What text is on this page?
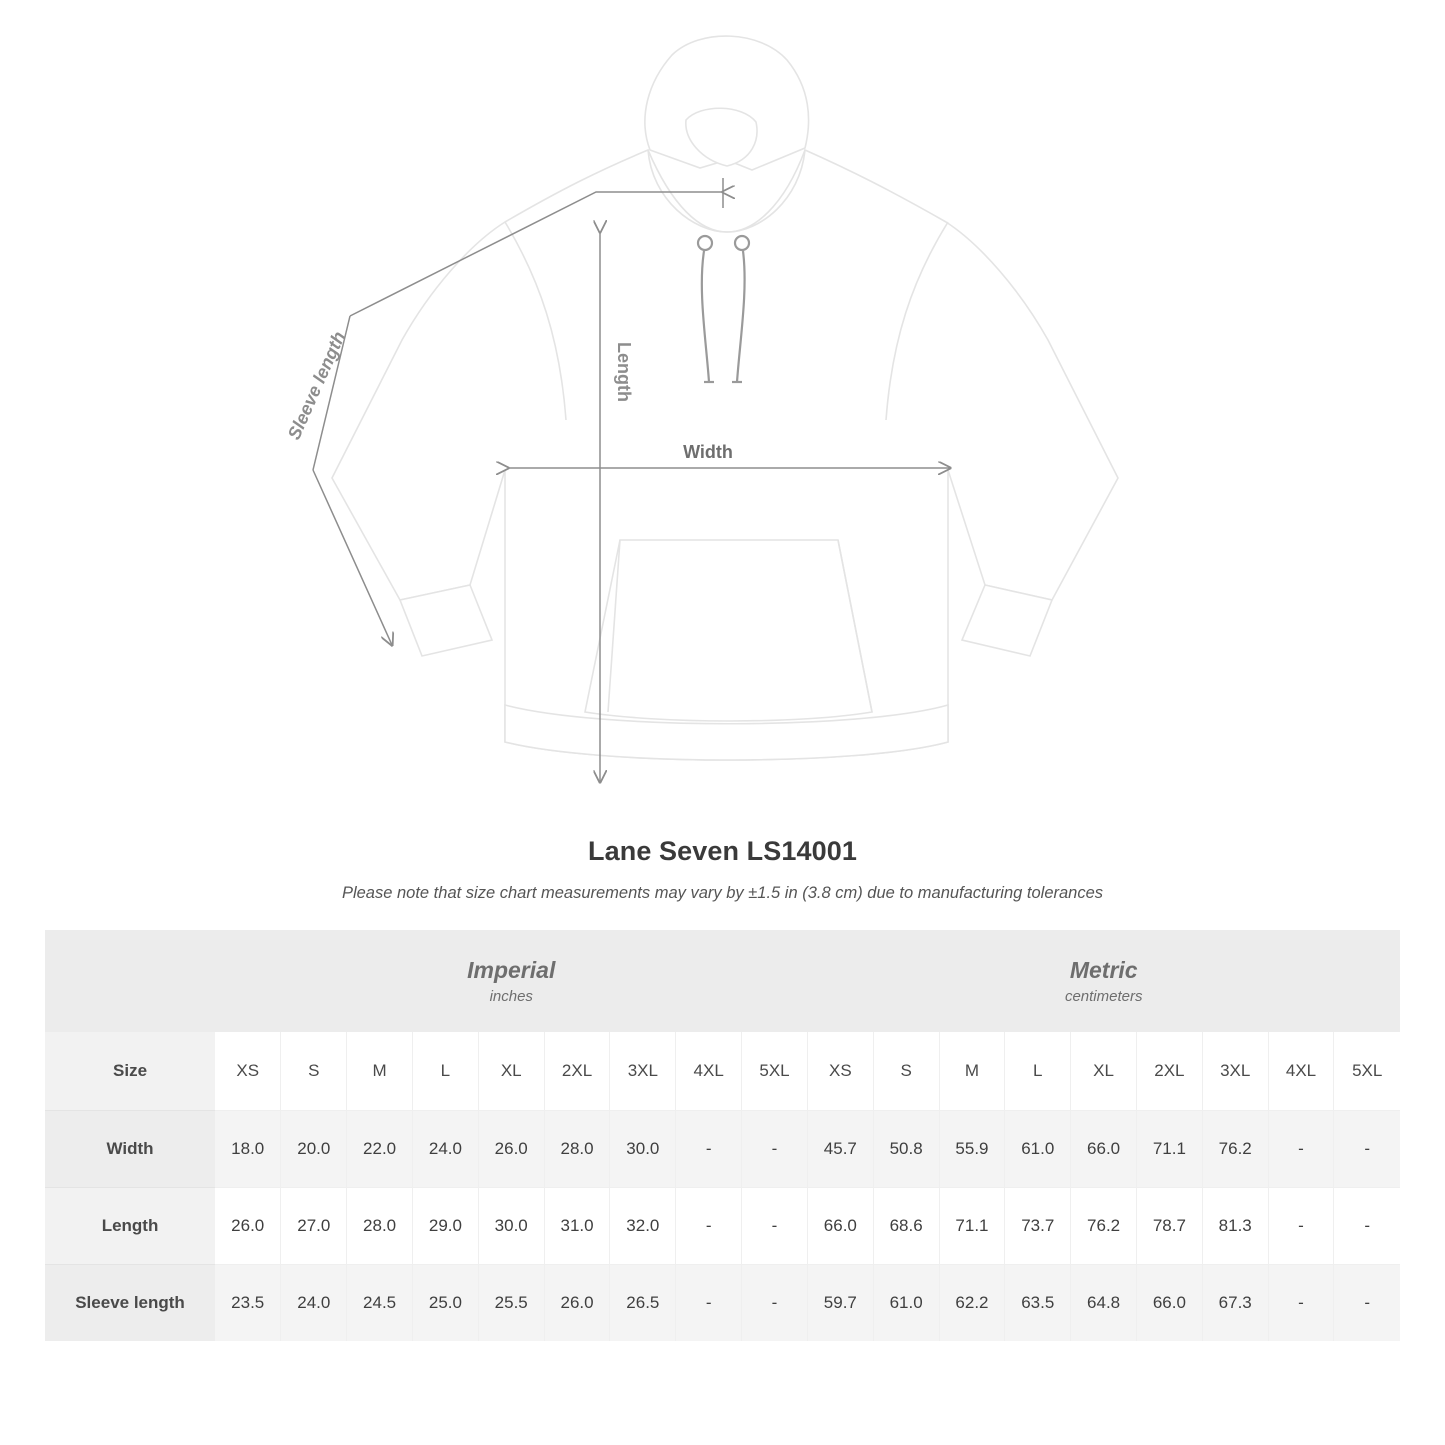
Sleeve length	Length
Width
Lane Seven LS14001
Please note that size chart measurements may vary by ±1.5 in (3.8 cm) due to manufacturing tolerances

Imperial
inches

Metric
centimeters

Size	XS	S	M	L	XL	2XL	3XL	4XL	5XL	XS	S	M	L	XL	2XL	3XL	4XL	5XL
Width	18.0	20.0	22.0	24.0	26.0	28.0	30.0	-	-	45.7	50.8	55.9	61.0	66.0	71.1	76.2	-	-
Length	26.0	27.0	28.0	29.0	30.0	31.0	32.0	-	-	66.0	68.6	71.1	73.7	76.2	78.7	81.3	-	-
Sleeve length	23.5	24.0	24.5	25.0	25.5	26.0	26.5	-	-	59.7	61.0	62.2	63.5	64.8	66.0	67.3	-	-
